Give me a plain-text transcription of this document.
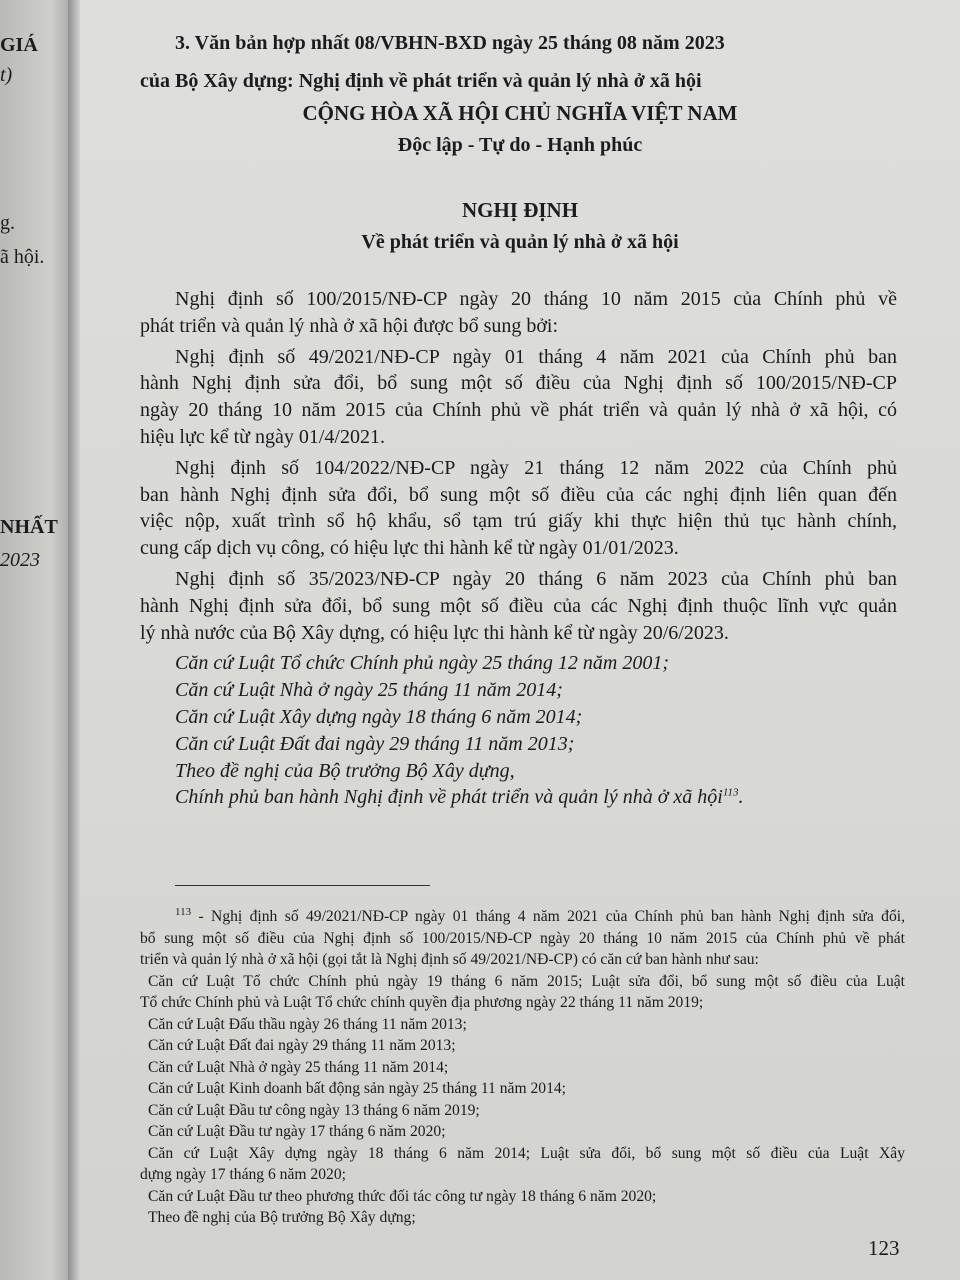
GIÁ
t)
g.
ã hội.
NHẤT
2023
3. Văn bản hợp nhất 08/VBHN-BXD ngày 25 tháng 08 năm 2023
của Bộ Xây dựng: Nghị định về phát triển và quản lý nhà ở xã hội
CỘNG HÒA XÃ HỘI CHỦ NGHĨA VIỆT NAM
Độc lập - Tự do - Hạnh phúc
NGHỊ ĐỊNH
Về phát triển và quản lý nhà ở xã hội
Nghị định số 100/2015/NĐ-CP ngày 20 tháng 10 năm 2015 của Chính phủ về
phát triển và quản lý nhà ở xã hội được bổ sung bởi:
Nghị định số 49/2021/NĐ-CP ngày 01 tháng 4 năm 2021 của Chính phủ ban
hành Nghị định sửa đổi, bổ sung một số điều của Nghị định số 100/2015/NĐ-CP
ngày 20 tháng 10 năm 2015 của Chính phủ về phát triển và quản lý nhà ở xã hội, có
hiệu lực kể từ ngày 01/4/2021.
Nghị định số 104/2022/NĐ-CP ngày 21 tháng 12 năm 2022 của Chính phủ
ban hành Nghị định sửa đổi, bổ sung một số điều của các nghị định liên quan đến
việc nộp, xuất trình sổ hộ khẩu, sổ tạm trú giấy khi thực hiện thủ tục hành chính,
cung cấp dịch vụ công, có hiệu lực thi hành kể từ ngày 01/01/2023.
Nghị định số 35/2023/NĐ-CP ngày 20 tháng 6 năm 2023 của Chính phủ ban
hành Nghị định sửa đổi, bổ sung một số điều của các Nghị định thuộc lĩnh vực quản
lý nhà nước của Bộ Xây dựng, có hiệu lực thi hành kể từ ngày 20/6/2023.
Căn cứ Luật Tổ chức Chính phủ ngày 25 tháng 12 năm 2001;
Căn cứ Luật Nhà ở ngày 25 tháng 11 năm 2014;
Căn cứ Luật Xây dựng ngày 18 tháng 6 năm 2014;
Căn cứ Luật Đất đai ngày 29 tháng 11 năm 2013;
Theo đề nghị của Bộ trưởng Bộ Xây dựng,
Chính phủ ban hành Nghị định về phát triển và quản lý nhà ở xã hội$^{113}$.
$^{113}$ - Nghị định số 49/2021/NĐ-CP ngày 01 tháng 4 năm 2021 của Chính phủ ban hành Nghị định sửa đổi,
bổ sung một số điều của Nghị định số 100/2015/NĐ-CP ngày 20 tháng 10 năm 2015 của Chính phủ về phát
triển và quản lý nhà ở xã hội (gọi tắt là Nghị định số 49/2021/NĐ-CP) có căn cứ ban hành như sau:
Căn cứ Luật Tổ chức Chính phủ ngày 19 tháng 6 năm 2015; Luật sửa đổi, bổ sung một số điều của Luật
Tổ chức Chính phủ và Luật Tổ chức chính quyền địa phương ngày 22 tháng 11 năm 2019;
Căn cứ Luật Đấu thầu ngày 26 tháng 11 năm 2013;
Căn cứ Luật Đất đai ngày 29 tháng 11 năm 2013;
Căn cứ Luật Nhà ở ngày 25 tháng 11 năm 2014;
Căn cứ Luật Kinh doanh bất động sản ngày 25 tháng 11 năm 2014;
Căn cứ Luật Đầu tư công ngày 13 tháng 6 năm 2019;
Căn cứ Luật Đầu tư ngày 17 tháng 6 năm 2020;
Căn cứ Luật Xây dựng ngày 18 tháng 6 năm 2014; Luật sửa đổi, bổ sung một số điều của Luật Xây
dựng ngày 17 tháng 6 năm 2020;
Căn cứ Luật Đầu tư theo phương thức đối tác công tư ngày 18 tháng 6 năm 2020;
Theo đề nghị của Bộ trưởng Bộ Xây dựng;
123
